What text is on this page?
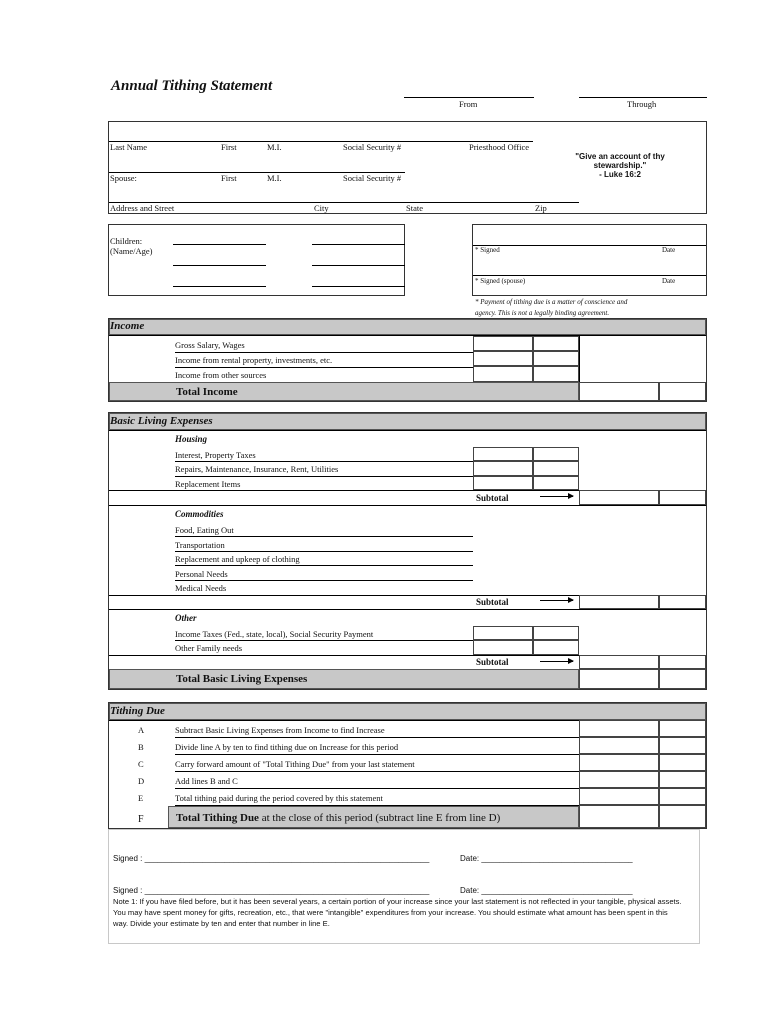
Annual Tithing Statement
From	Through
Last Name	First	M.I.	Social Security #	Priesthood Office
Spouse:	First	M.I.	Social Security #
"Give an account of thy
stewardship."
- Luke 16:2
Address and Street	City	State	Zip
Children:
(Name/Age)	* Signed	Date
* Signed (spouse)	Date
* Payment of tithing due is a matter of conscience and
agency. This is not a legally binding agreement.
Income
Gross Salary, Wages
Income from rental property, investments, etc.
Income from other sources
Total Income
Basic Living Expenses
Housing
Interest, Property Taxes
Repairs, Maintenance, Insurance, Rent, Utilities
Replacement Items
Subtotal
Commodities
Food, Eating Out
Transportation
Replacement and upkeep of clothing
Personal Needs
Medical Needs
Subtotal
Other
Income Taxes (Fed., state, local), Social Security Payment
Other Family needs
Subtotal
Total Basic Living Expenses
Tithing Due
A	Subtract Basic Living Expenses from Income to find Increase
B	Divide line A by ten to find tithing due on Increase for this period
C	Carry forward amount of "Total Tithing Due" from your last statement
D	Add lines B and C
E	Total tithing paid during the period covered by this statement
F	Total Tithing Due at the close of this period (subtract line E from line D)
Signed : ________________________________________________________________	Date: __________________________________
Signed : ________________________________________________________________	Date: __________________________________
Note 1: If you have filed before, but it has been several years, a certain portion of your increase since your last statement is not reflected in your tangible, physical assets. You may have spent money for gifts, recreation, etc., that were "intangible" expenditures from your increase. You should estimate what amount has been spent in this way. Divide your estimate by ten and enter that number in line E.
